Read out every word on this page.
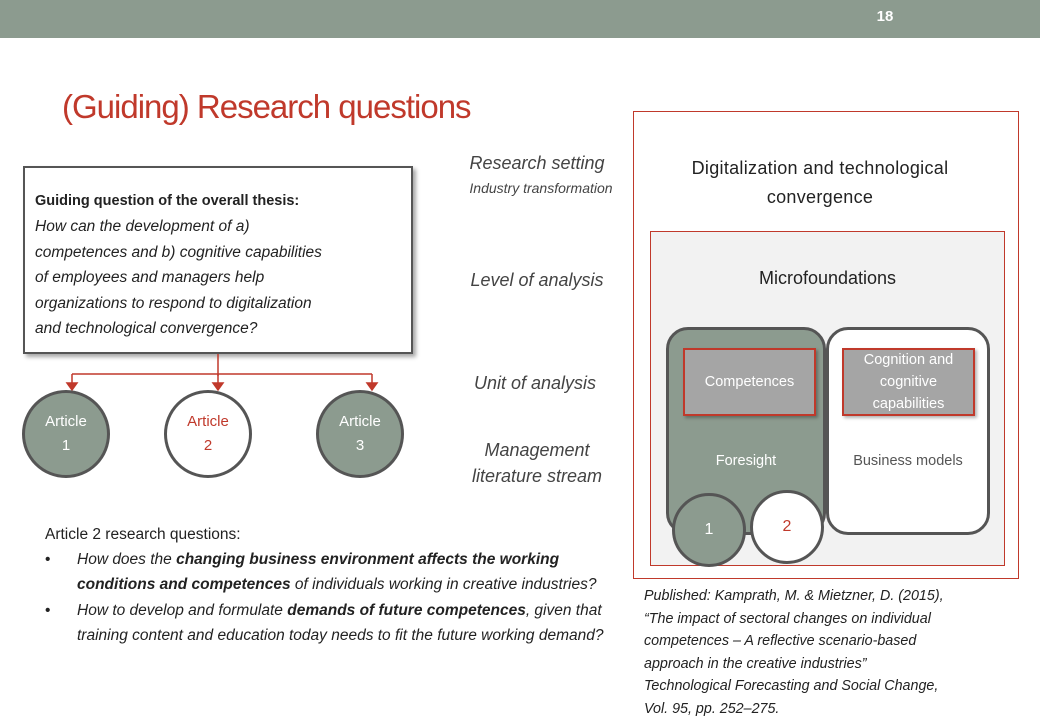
18
(Guiding) Research questions
Guiding question of the overall thesis:
How can the development of a)
competences and b) cognitive capabilities
of employees and managers help
organizations to respond to digitalization
and technological convergence?
Article
1
Article
2
Article
3
Research setting
Industry transformation
Level of analysis
Unit of analysis
Management
literature stream
Article 2 research questions:
• How does the changing business environment affects the working conditions and competences of individuals working in creative industries?
• How to develop and formulate demands of future competences, given that training content and education today needs to fit the future working demand?
Digitalization and technological
convergence
Microfoundations
Competences
Cognition and
cognitive
capabilities
Foresight	Business models
1	2
Published: Kamprath, M. & Mietzner, D. (2015),
“The impact of sectoral changes on individual
competences – A reflective scenario-based
approach in the creative industries”
Technological Forecasting and Social Change,
Vol. 95, pp. 252–275.
